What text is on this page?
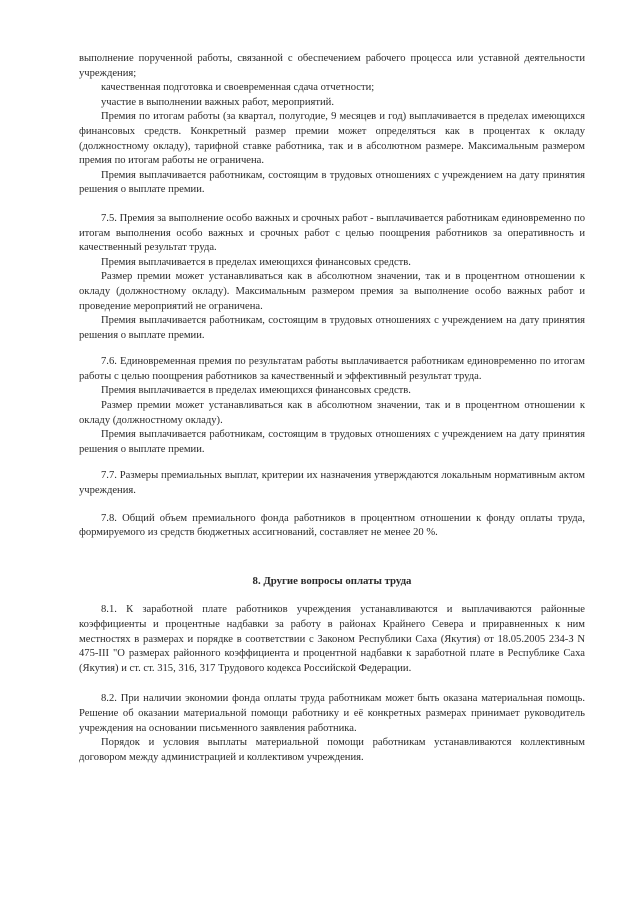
выполнение порученной работы, связанной с обеспечением рабочего процесса или уставной деятельности учреждения;

качественная подготовка и своевременная сдача отчетности;

участие в выполнении важных работ, мероприятий.

Премия по итогам работы (за квартал, полугодие, 9 месяцев и год) выплачивается в пределах имеющихся финансовых средств. Конкретный размер премии может определяться как в процентах к окладу (должностному окладу), тарифной ставке работника, так и в абсолютном размере. Максимальным размером премия по итогам работы не ограничена.

Премия выплачивается работникам, состоящим в трудовых отношениях с учреждением на дату принятия решения о выплате премии.

7.5. Премия за выполнение особо важных и срочных работ - выплачивается работникам единовременно по итогам выполнения особо важных и срочных работ с целью поощрения работников за оперативность и качественный результат труда.

Премия выплачивается в пределах имеющихся финансовых средств.

Размер премии может устанавливаться как в абсолютном значении, так и в процентном отношении к окладу (должностному окладу). Максимальным размером премия за выполнение особо важных работ и проведение мероприятий не ограничена.

Премия выплачивается работникам, состоящим в трудовых отношениях с учреждением на дату принятия решения о выплате премии.

7.6. Единовременная премия по результатам работы выплачивается работникам единовременно по итогам работы с целью поощрения работников за качественный и эффективный результат труда.

Премия выплачивается в пределах имеющихся финансовых средств.

Размер премии может устанавливаться как в абсолютном значении, так и в процентном отношении к окладу (должностному окладу).

Премия выплачивается работникам, состоящим в трудовых отношениях с учреждением на дату принятия решения о выплате премии.

7.7. Размеры премиальных выплат, критерии их назначения утверждаются локальным нормативным актом учреждения.

7.8. Общий объем премиального фонда работников в процентном отношении к фонду оплаты труда, формируемого из средств бюджетных ассигнований, составляет не менее 20 %.

8. Другие вопросы оплаты труда

8.1. К заработной плате работников учреждения устанавливаются и выплачиваются районные коэффициенты и процентные надбавки за работу в районах Крайнего Севера и приравненных к ним местностях в размерах и порядке в соответствии с Законом Республики Саха (Якутия) от 18.05.2005 234-З N 475-III "О размерах районного коэффициента и процентной надбавки к заработной плате в Республике Саха (Якутия) и ст. ст. 315, 316, 317 Трудового кодекса Российской Федерации.

8.2. При наличии экономии фонда оплаты труда работникам может быть оказана материальная помощь. Решение об оказании материальной помощи работнику и её конкретных размерах принимает руководитель учреждения на основании письменного заявления работника.

Порядок и условия выплаты материальной помощи работникам устанавливаются коллективным договором между администрацией и коллективом учреждения.
